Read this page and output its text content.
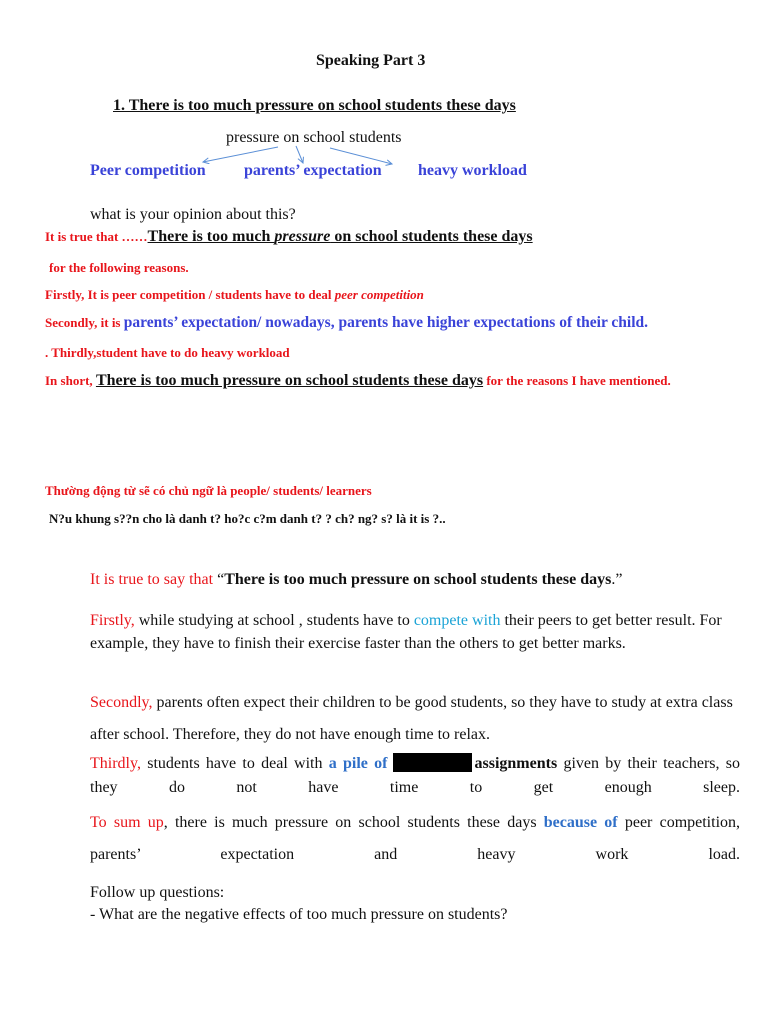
Speaking Part 3
1. There is too much pressure on school students these days
pressure on school students
Peer competition parents’ expectation heavy workload
what is your opinion about this?
It is true that ……There is too much pressure on school students these days
for the following reasons.
Firstly, It is peer competition / students have to deal peer competition
Secondly, it is parents’ expectation/ nowadays, parents have higher expectations of their child.
. Thirdly,student have to do heavy workload
In short, There is too much pressure on school students these days for the reasons I have mentioned.
Thường động từ sẽ có chủ ngữ là people/ students/ learners
N?u khung s??n cho là danh t? ho?c c?m danh t? ? ch? ng? s? là it is ?..
It is true to say that “There is too much pressure on school students these days.”
Firstly, while studying at school , students have to compete with their peers to get better result. For example, they have to finish their exercise faster than the others to get better marks.
Secondly, parents often expect their children to be good students, so they have to study at extra class after school. Therefore, they do not have enough time to relax.
Thirdly, students have to deal with a pile of	assignments given by their teachers, so they do not have time to get enough sleep.
To sum up, there is much pressure on school students these days because of peer competition, parents’ expectation and heavy work load.
Follow up questions:
- What are the negative effects of too much pressure on students?
